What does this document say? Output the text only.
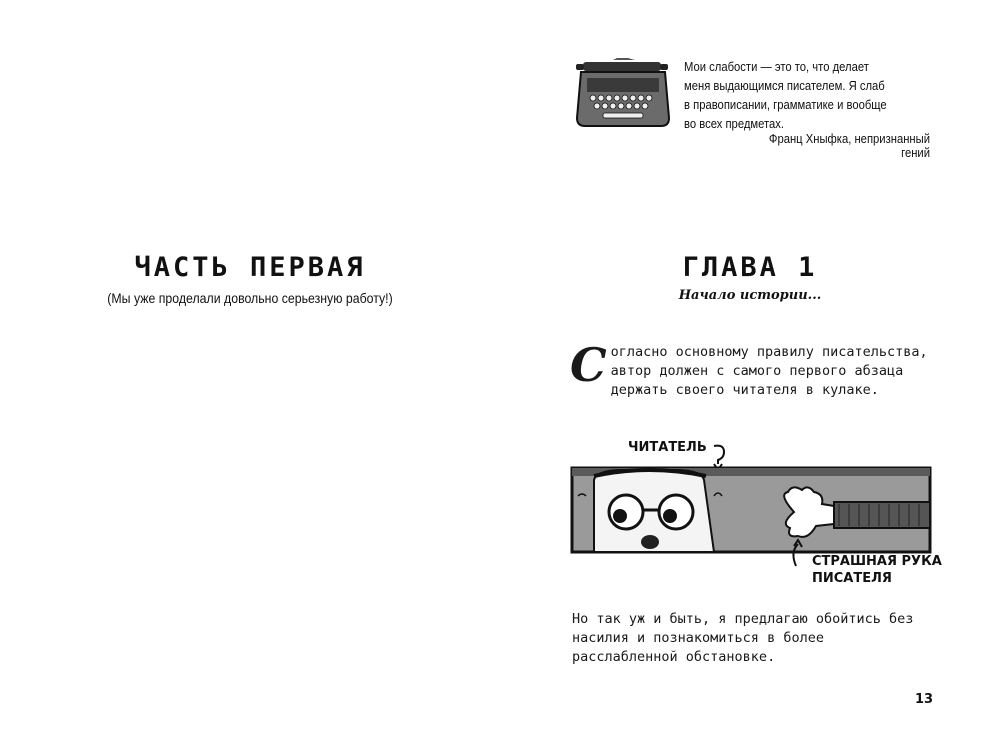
ЧАСТЬ ПЕРВАЯ

(Мы уже проделали довольно серьезную работу!)

Мои слабости — это то, что делает
меня выдающимся писателем. Я слаб
в правописании, грамматике и вообще
во всех предметах.

Франц Хныфка, непризнанный гений

ГЛАВА 1

Начало истории...

Согласно основному правилу писательства, автор должен с самого первого абзаца держать своего читателя в кулаке.

ЧИТАТЕЛЬ

СТРАШНАЯ РУКА ПИСАТЕЛЯ

Но так уж и быть, я предлагаю обойтись без насилия и познакомиться в более расслабленной обстановке.

13
